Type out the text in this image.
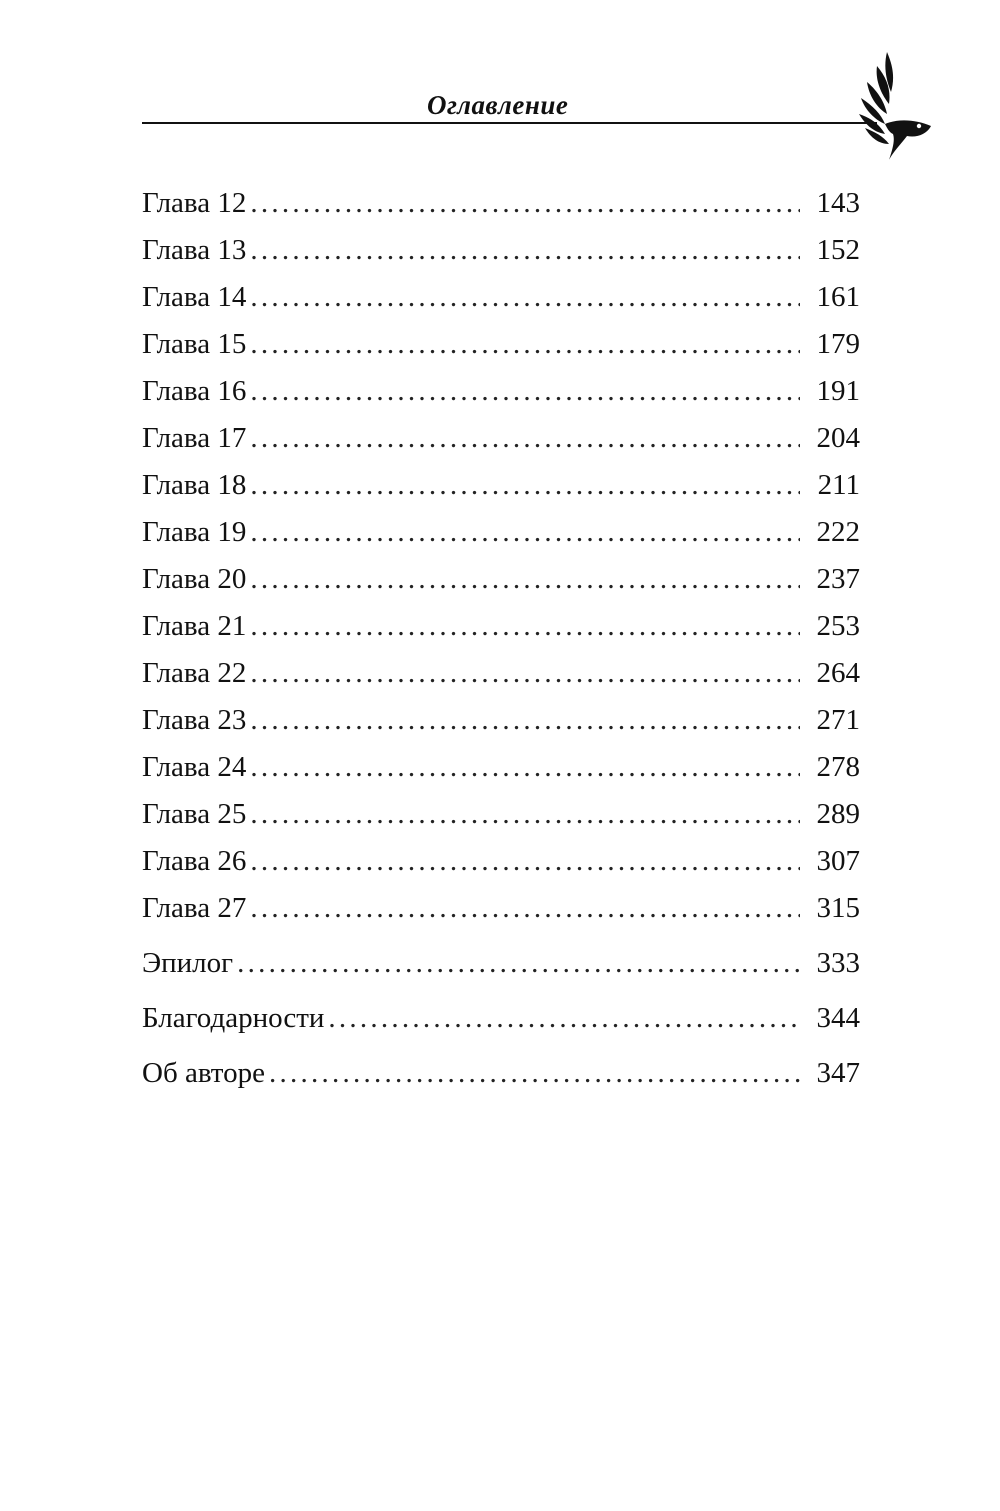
Оглавление
Глава 12 . . .	143
Глава 13 . . .	152
Глава 14 . . .	161
Глава 15 . . .	179
Глава 16 . . .	191
Глава 17 . . .	204
Глава 18 . . .	211
Глава 19 . . .	222
Глава 20 . . .	237
Глава 21 . . .	253
Глава 22 . . .	264
Глава 23 . . .	271
Глава 24 . . .	278
Глава 25 . . .	289
Глава 26 . . .	307
Глава 27 . . .	315
Эпилог . . .	333
Благодарности . . .	344
Об авторе . . .	347
